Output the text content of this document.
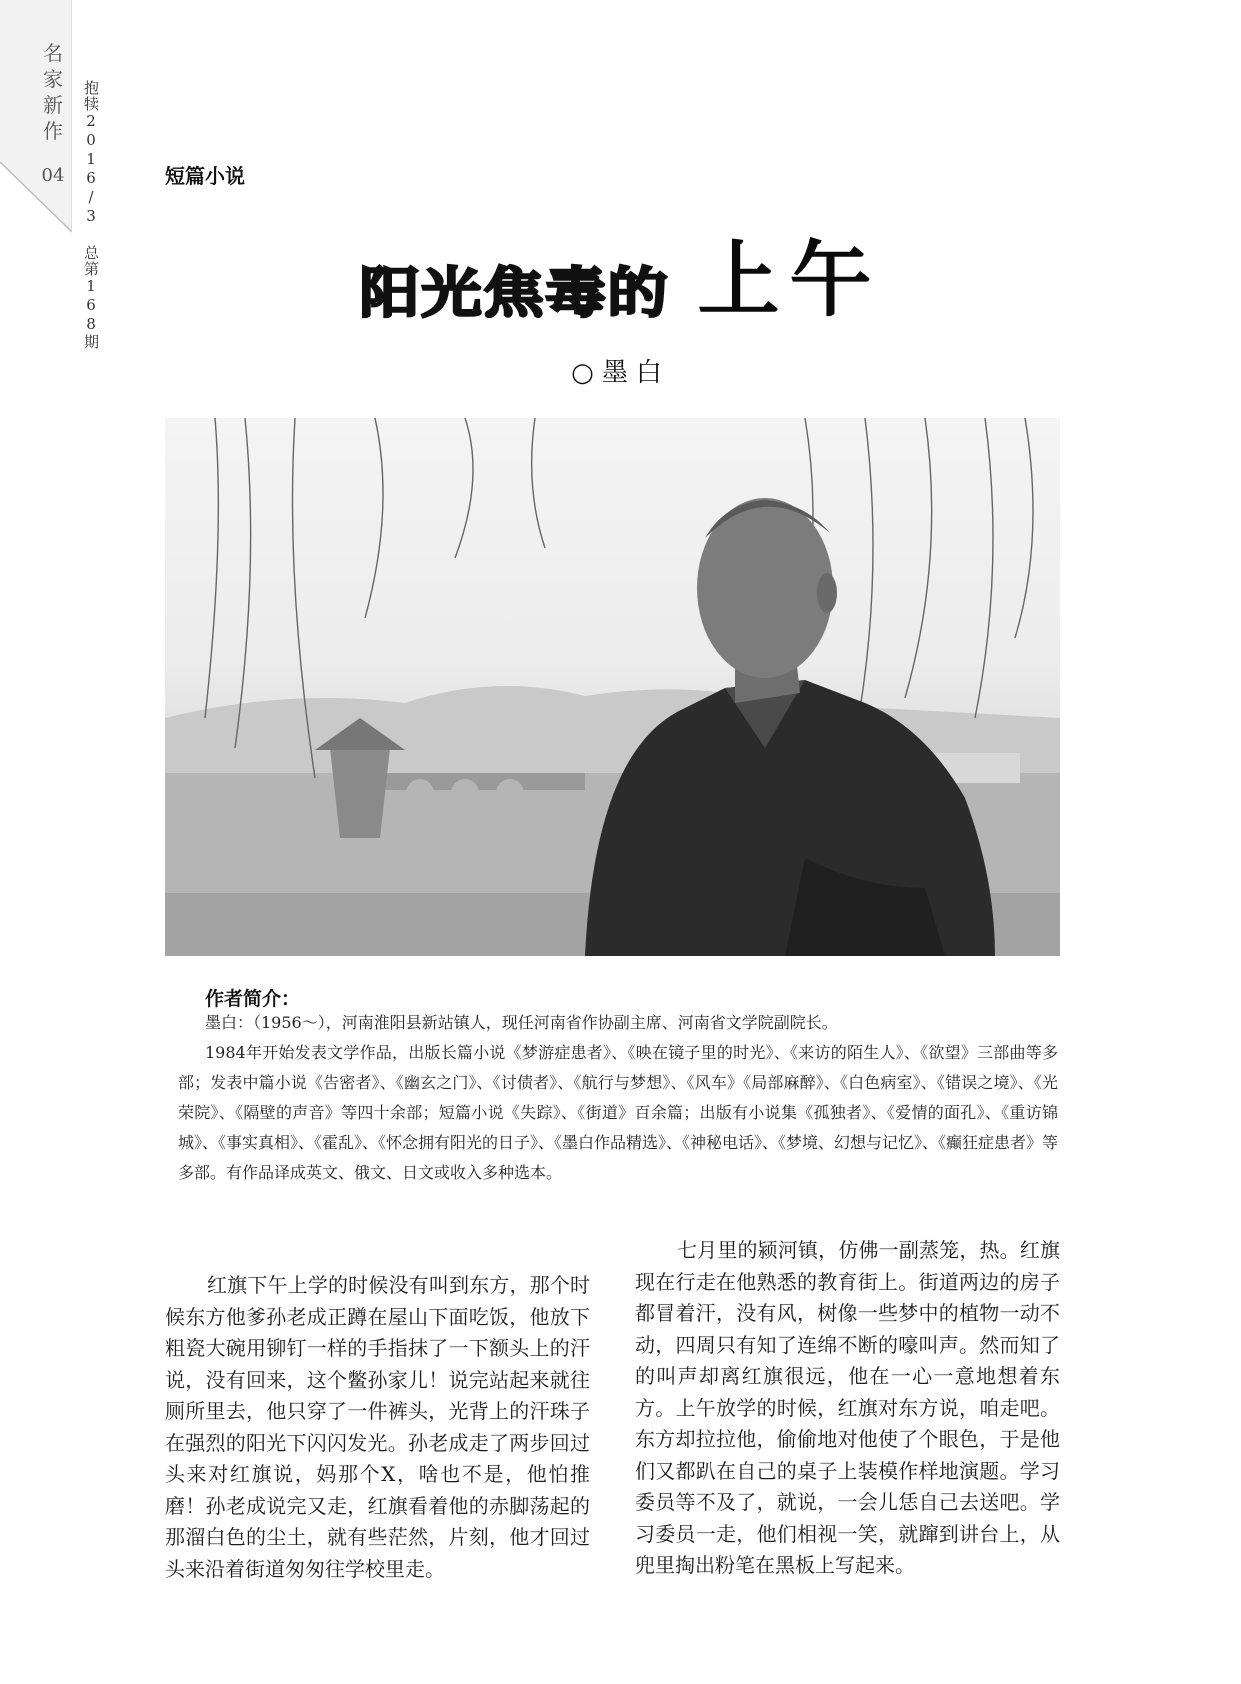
名家新作
04	抱犊2016/3 总第168期	短篇小说
阳光焦毒的 上午
○墨白
作者简介：

墨白：（1956～），河南淮阳县新站镇人，现任河南省作协副主席、河南省文学院副院长。

1984年开始发表文学作品，出版长篇小说《梦游症患者》、《映在镜子里的时光》、《来访的陌生人》、《欲望》三部曲等多部；发表中篇小说《告密者》、《幽玄之门》、《讨债者》、《航行与梦想》、《风车》《局部麻醉》、《白色病室》、《错误之境》、《光荣院》、《隔壁的声音》等四十余部；短篇小说《失踪》、《街道》百余篇；出版有小说集《孤独者》、《爱情的面孔》、《重访锦城》、《事实真相》、《霍乱》、《怀念拥有阳光的日子》、《墨白作品精选》、《神秘电话》、《梦境、幻想与记忆》、《癫狂症患者》等多部。有作品译成英文、俄文、日文或收入多种选本。

红旗下午上学的时候没有叫到东方，那个时候东方他爹孙老成正蹲在屋山下面吃饭，他放下粗瓷大碗用铆钉一样的手指抹了一下额头上的汗说，没有回来，这个鳖孙家儿！说完站起来就往厕所里去，他只穿了一件裤头，光背上的汗珠子在强烈的阳光下闪闪发光。孙老成走了两步回过头来对红旗说，妈那个X，啥也不是，他怕推磨！孙老成说完又走，红旗看着他的赤脚荡起的那溜白色的尘土，就有些茫然，片刻，他才回过头来沿着街道匆匆往学校里走。

七月里的颍河镇，仿佛一副蒸笼，热。红旗现在行走在他熟悉的教育街上。街道两边的房子都冒着汗，没有风，树像一些梦中的植物一动不动，四周只有知了连绵不断的嚎叫声。然而知了的叫声却离红旗很远，他在一心一意地想着东方。上午放学的时候，红旗对东方说，咱走吧。东方却拉拉他，偷偷地对他使了个眼色，于是他们又都趴在自己的桌子上装模作样地演题。学习委员等不及了，就说，一会儿恁自己去送吧。学习委员一走，他们相视一笑，就蹿到讲台上，从兜里掏出粉笔在黑板上写起来。
